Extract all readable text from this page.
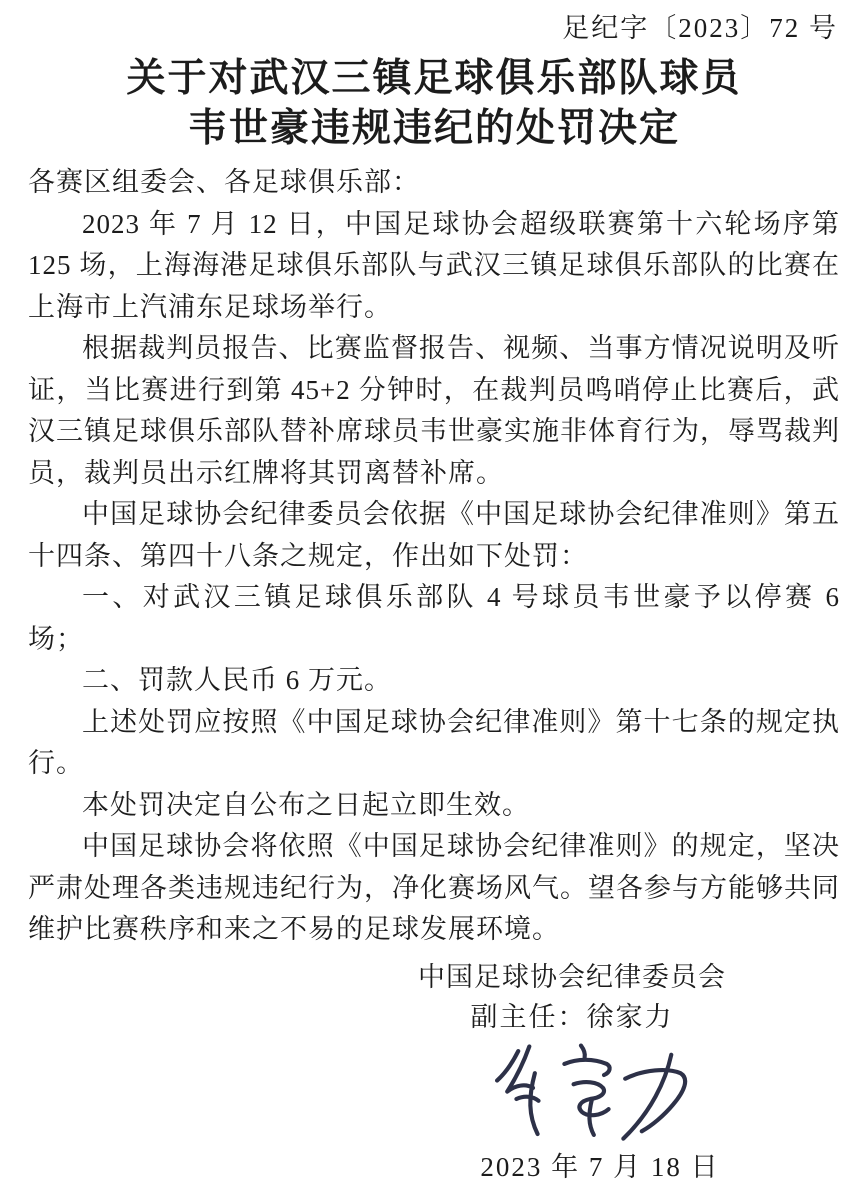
足纪字〔2023〕72 号
关于对武汉三镇足球俱乐部队球员
韦世豪违规违纪的处罚决定
各赛区组委会、各足球俱乐部：

2023 年 7 月 12 日，中国足球协会超级联赛第十六轮场序第 125 场，上海海港足球俱乐部队与武汉三镇足球俱乐部队的比赛在上海市上汽浦东足球场举行。

根据裁判员报告、比赛监督报告、视频、当事方情况说明及听证，当比赛进行到第 45+2 分钟时，在裁判员鸣哨停止比赛后，武汉三镇足球俱乐部队替补席球员韦世豪实施非体育行为，辱骂裁判员，裁判员出示红牌将其罚离替补席。

中国足球协会纪律委员会依据《中国足球协会纪律准则》第五十四条、第四十八条之规定，作出如下处罚：

一、对武汉三镇足球俱乐部队 4 号球员韦世豪予以停赛 6 场；

二、罚款人民币 6 万元。

上述处罚应按照《中国足球协会纪律准则》第十七条的规定执行。

本处罚决定自公布之日起立即生效。

中国足球协会将依照《中国足球协会纪律准则》的规定，坚决严肃处理各类违规违纪行为，净化赛场风气。望各参与方能够共同维护比赛秩序和来之不易的足球发展环境。

中国足球协会纪律委员会
副主任：徐家力
2023 年 7 月 18 日
